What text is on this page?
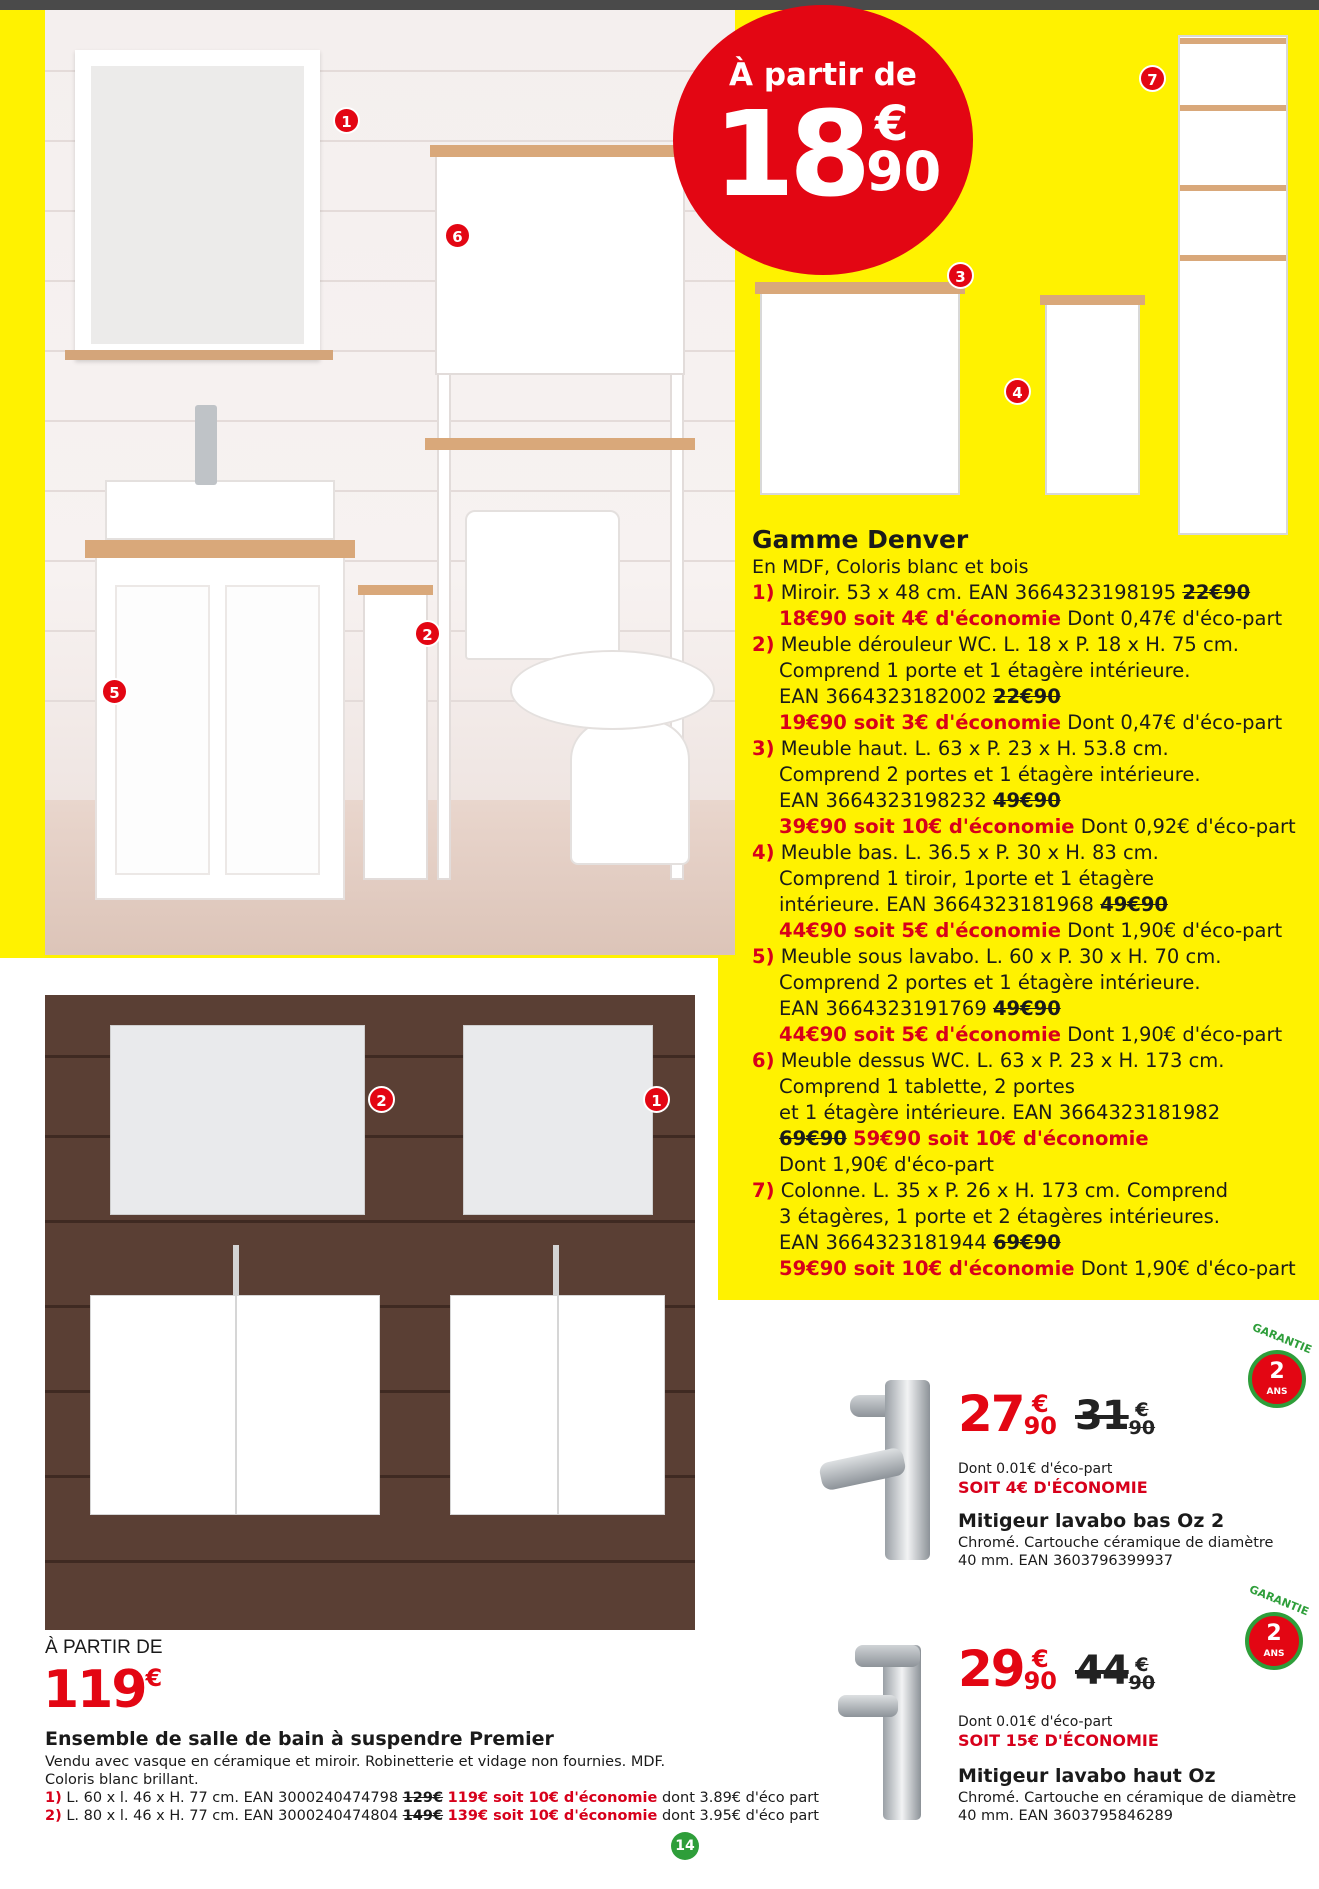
1
6
2
5
À partir de
18 €
90
3
4
7
Gamme Denver
En MDF, Coloris blanc et bois
1) Miroir. 53 x 48 cm. EAN 3664323198195 22€90
18€90 soit 4€ d'économie Dont 0,47€ d'éco-part
2) Meuble dérouleur WC. L. 18 x P. 18 x H. 75 cm.
Comprend 1 porte et 1 étagère intérieure.
EAN 3664323182002 22€90
19€90 soit 3€ d'économie Dont 0,47€ d'éco-part
3) Meuble haut. L. 63 x P. 23 x H. 53.8 cm.
Comprend 2 portes et 1 étagère intérieure.
EAN 3664323198232 49€90
39€90 soit 10€ d'économie Dont 0,92€ d'éco-part
4) Meuble bas. L. 36.5 x P. 30 x H. 83 cm.
Comprend 1 tiroir, 1porte et 1 étagère
intérieure. EAN 3664323181968 49€90
44€90 soit 5€ d'économie Dont 1,90€ d'éco-part
5) Meuble sous lavabo. L. 60 x P. 30 x H. 70 cm.
Comprend 2 portes et 1 étagère intérieure.
EAN 3664323191769 49€90
44€90 soit 5€ d'économie Dont 1,90€ d'éco-part
6) Meuble dessus WC. L. 63 x P. 23 x H. 173 cm.
Comprend 1 tablette, 2 portes
et 1 étagère intérieure. EAN 3664323181982
69€90 59€90 soit 10€ d'économie
Dont 1,90€ d'éco-part
7) Colonne. L. 35 x P. 26 x H. 173 cm. Comprend
3 étagères, 1 porte et 2 étagères intérieures.
EAN 3664323181944 69€90
59€90 soit 10€ d'économie Dont 1,90€ d'éco-part
2	1
À PARTIR DE
119€
Ensemble de salle de bain à suspendre Premier
Vendu avec vasque en céramique et miroir. Robinetterie et vidage non fournies. MDF.
Coloris blanc brillant.
1) L. 60 x l. 46 x H. 77 cm. EAN 3000240474798 129€ 119€ soit 10€ d'économie dont 3.89€ d'éco part
2) L. 80 x l. 46 x H. 77 cm. EAN 3000240474804 149€ 139€ soit 10€ d'économie dont 3.95€ d'éco part
27 €
90 31 €
90
Dont 0.01€ d'éco-part
SOIT 4€ D'ÉCONOMIE
Mitigeur lavabo bas Oz 2
Chromé. Cartouche céramique de diamètre
40 mm. EAN 3603796399937
GARANTIE
2
ANS
29 €
90 44 €
90
Dont 0.01€ d'éco-part
SOIT 15€ D'ÉCONOMIE
Mitigeur lavabo haut Oz
Chromé. Cartouche en céramique de diamètre
40 mm. EAN 3603795846289
GARANTIE
2
ANS
14
